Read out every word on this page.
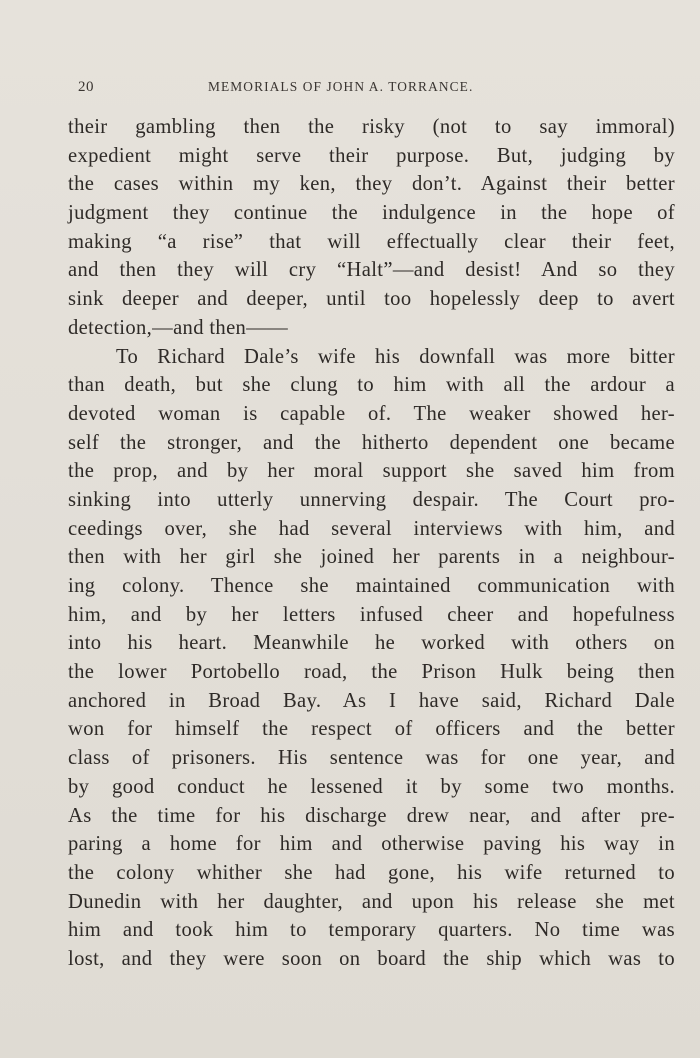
20	MEMORIALS OF JOHN A. TORRANCE.
their gambling then the risky (not to say immoral)
expedient might serve their purpose. But, judging by
the cases within my ken, they don’t. Against their better
judgment they continue the indulgence in the hope of
making “a rise” that will effectually clear their feet,
and then they will cry “Halt”—and desist! And so they
sink deeper and deeper, until too hopelessly deep to avert
detection,—and then——
To Richard Dale’s wife his downfall was more bitter
than death, but she clung to him with all the ardour a
devoted woman is capable of. The weaker showed her-
self the stronger, and the hitherto dependent one became
the prop, and by her moral support she saved him from
sinking into utterly unnerving despair. The Court pro-
ceedings over, she had several interviews with him, and
then with her girl she joined her parents in a neighbour-
ing colony. Thence she maintained communication with
him, and by her letters infused cheer and hopefulness
into his heart. Meanwhile he worked with others on
the lower Portobello road, the Prison Hulk being then
anchored in Broad Bay. As I have said, Richard Dale
won for himself the respect of officers and the better
class of prisoners. His sentence was for one year, and
by good conduct he lessened it by some two months.
As the time for his discharge drew near, and after pre-
paring a home for him and otherwise paving his way in
the colony whither she had gone, his wife returned to
Dunedin with her daughter, and upon his release she met
him and took him to temporary quarters. No time was
lost, and they were soon on board the ship which was to
